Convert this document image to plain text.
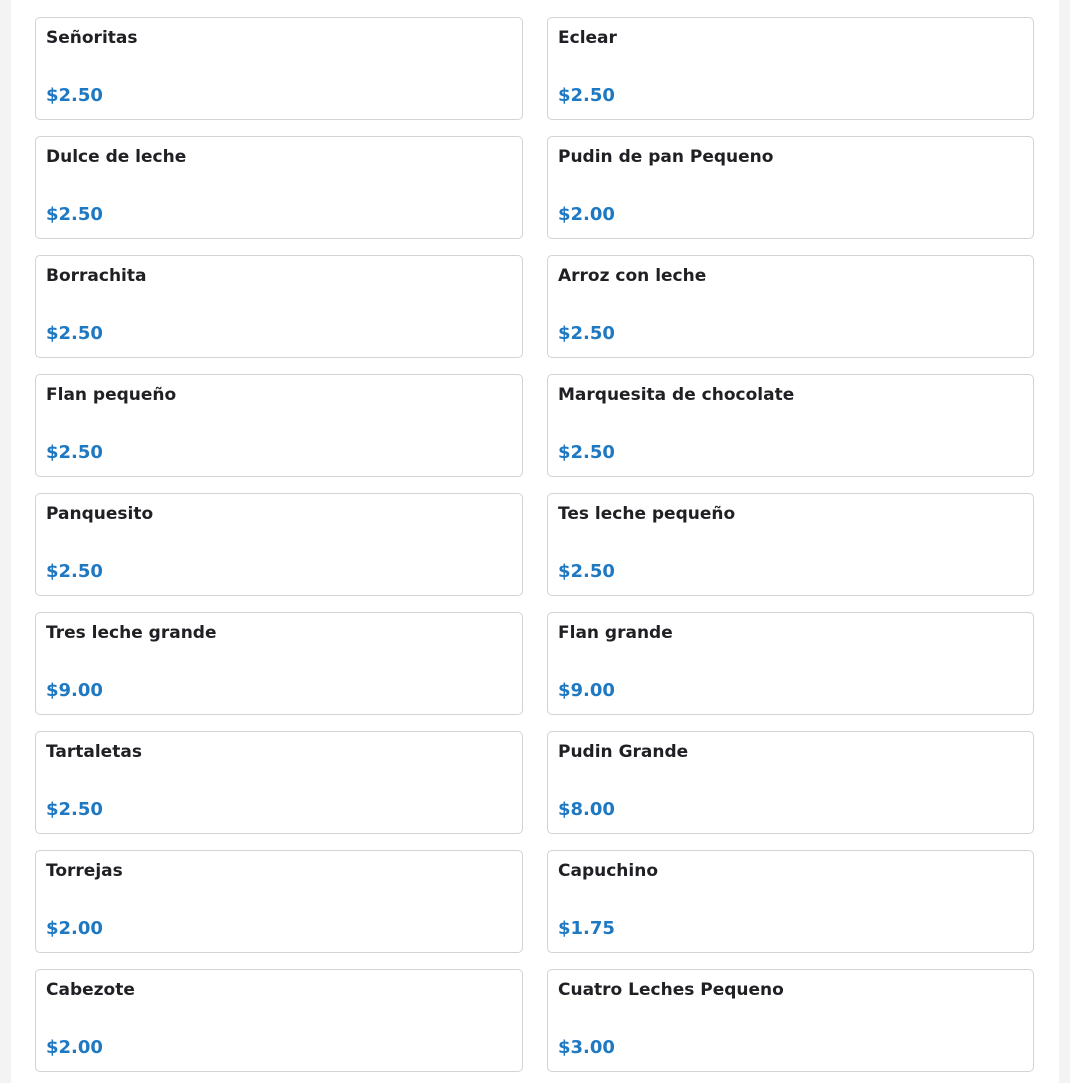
Señoritas
$2.50
Eclear
$2.50
Dulce de leche
$2.50
Pudin de pan Pequeno
$2.00
Borrachita
$2.50
Arroz con leche
$2.50
Flan pequeño
$2.50
Marquesita de chocolate
$2.50
Panquesito
$2.50
Tes leche pequeño
$2.50
Tres leche grande
$9.00
Flan grande
$9.00
Tartaletas
$2.50
Pudin Grande
$8.00
Torrejas
$2.00
Capuchino
$1.75
Cabezote
$2.00
Cuatro Leches Pequeno
$3.00
